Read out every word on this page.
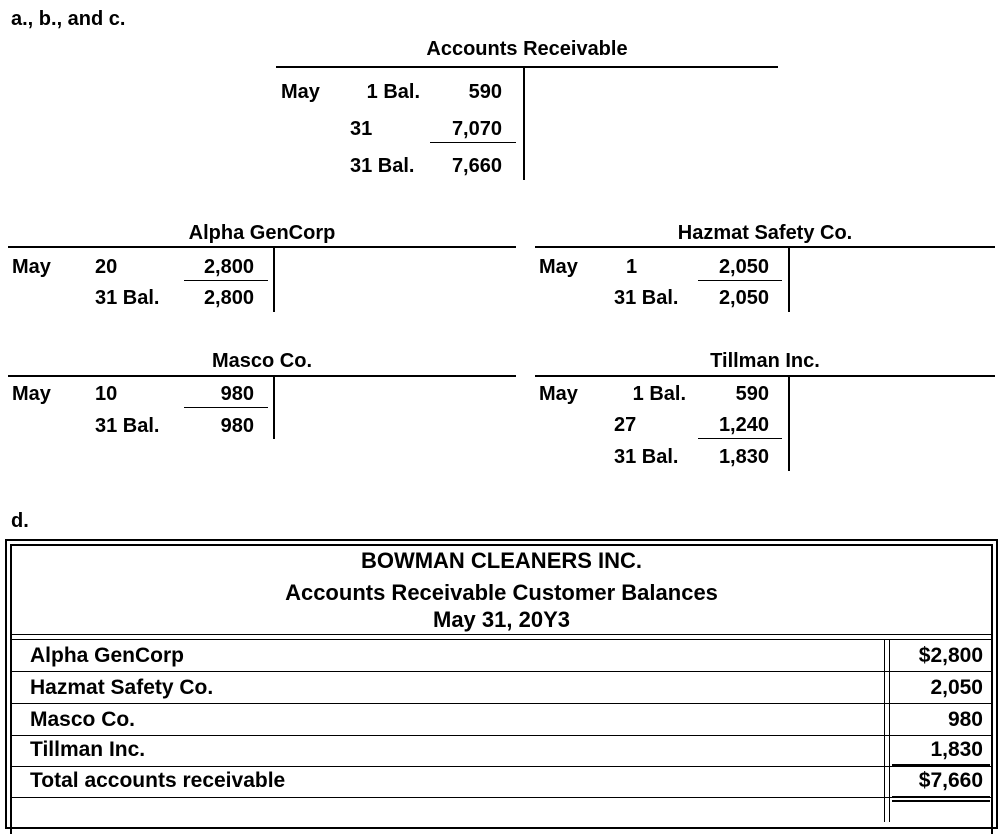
a., b., and c.
Accounts Receivable
May	1 Bal.	590
31	7,070
31 Bal.	7,660
Alpha GenCorp
May 20	2,800
31 Bal.	2,800
Hazmat Safety Co.
May 1	2,050
31 Bal.	2,050
Masco Co.
May 10	980
31 Bal.	980
Tillman Inc.
May	1 Bal.	590
27	1,240
31 Bal.	1,830
d.
BOWMAN CLEANERS INC.
Accounts Receivable Customer Balances
May 31, 20Y3
Alpha GenCorp	$2,800
Hazmat Safety Co.	2,050
Masco Co.	980
Tillman Inc.	1,830
Total accounts receivable	$7,660
